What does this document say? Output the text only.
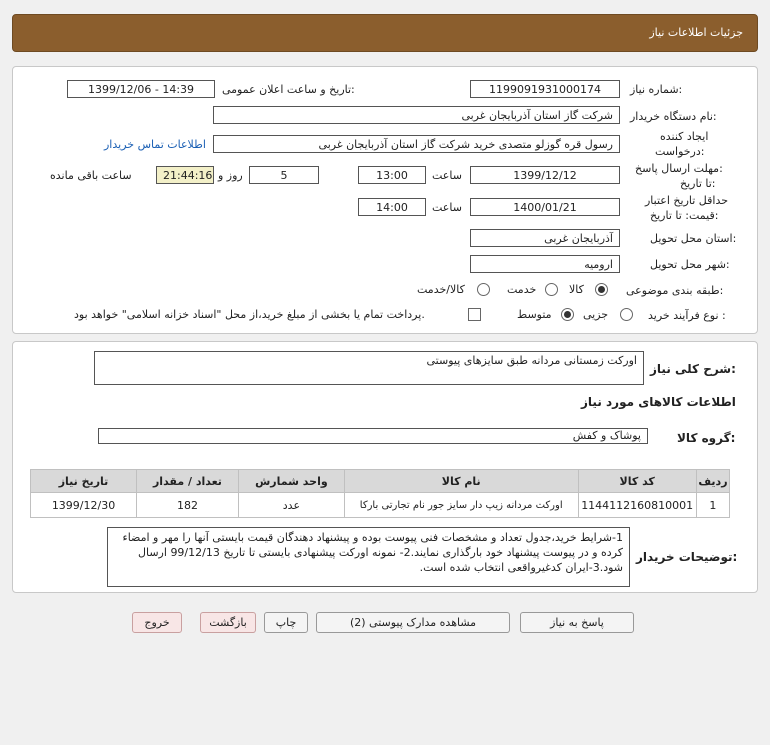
جزئیات اطلاعات نیاز
شماره نیاز:
1199091931000174
تاریخ و ساعت اعلان عمومی:
1399/12/06 - 14:39
نام دستگاه خریدار:
شرکت گاز استان آذربایجان غربی
ایجاد کننده
درخواست:
رسول قره گوزلو متصدی خرید شرکت گاز استان آذربایجان غربی
اطلاعات تماس خریدار
مهلت ارسال پاسخ:
تا تاریخ:
1399/12/12
ساعت
13:00
5
روز و
21:44:16
ساعت باقی مانده
حداقل تاریخ اعتبار
قیمت: تا تاریخ:
1400/01/21
ساعت
14:00
استان محل تحویل:
آذربایجان غربی
شهر محل تحویل:
ارومیه
طبقه بندی موضوعی:
کالا
خدمت
کالا/خدمت
نوع فرآیند خرید :
جزیی
متوسط
پرداخت تمام یا بخشی از مبلغ خرید،از محل "اسناد خزانه اسلامی" خواهد بود.
شرح کلی نیاز:
اورکت زمستانی مردانه طبق سایزهای پیوستی
اطلاعات کالاهای مورد نیاز
گروه کالا:
پوشاک و کفش
ردیف	کد کالا	نام کالا	واحد شمارش	تعداد / مقدار	تاریخ نیاز
1	1144112160810001	اورکت مردانه زیپ دار سایز جور نام تجارتی بارکا	عدد	182	1399/12/30
توضیحات خریدار:
1-شرایط خرید،جدول تعداد و مشخصات فنی پیوست بوده و پیشنهاد دهندگان قیمت بایستی آنها را مهر و امضاء کرده و در پیوست پیشنهاد خود بارگذاری نمایند.2- نمونه اورکت پیشنهادی بایستی تا تاریخ 99/12/13 ارسال شود.3-ایران کدغیرواقعی انتخاب شده است.
پاسخ به نیاز
مشاهده مدارک پیوستی (2)
چاپ
بازگشت
خروج
